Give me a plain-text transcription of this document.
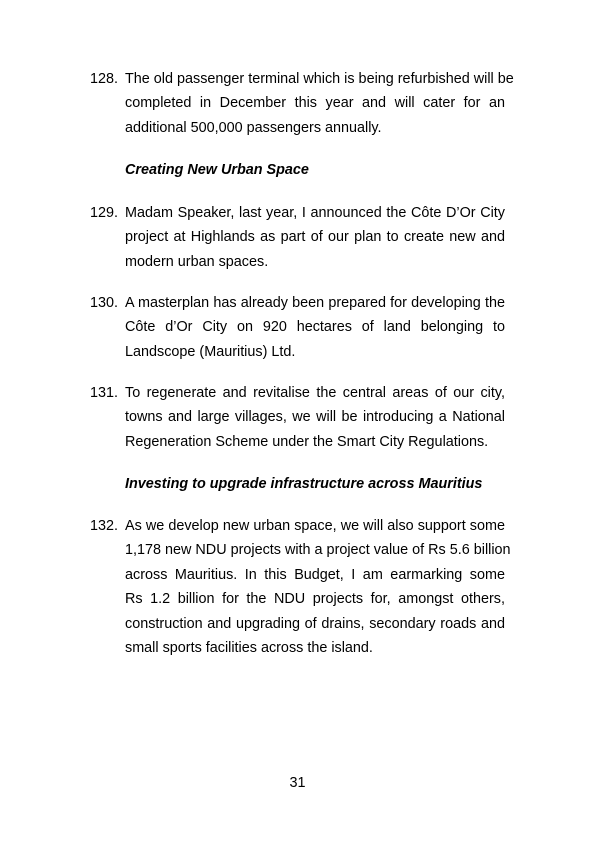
128. The old passenger terminal which is being refurbished will be
completed in December this year and will cater for an
additional 500,000 passengers annually.
Creating New Urban Space
129. Madam Speaker, last year, I announced the Côte D’Or City
project at Highlands as part of our plan to create new and
modern urban spaces.
130. A masterplan has already been prepared for developing the
Côte d’Or City on 920 hectares of land belonging to
Landscope (Mauritius) Ltd.
131. To regenerate and revitalise the central areas of our city,
towns and large villages, we will be introducing a National
Regeneration Scheme under the Smart City Regulations.
Investing to upgrade infrastructure across Mauritius
132. As we develop new urban space, we will also support some
1,178 new NDU projects with a project value of Rs 5.6 billion
across Mauritius. In this Budget, I am earmarking some
Rs 1.2 billion for the NDU projects for, amongst others,
construction and upgrading of drains, secondary roads and
small sports facilities across the island.
31
